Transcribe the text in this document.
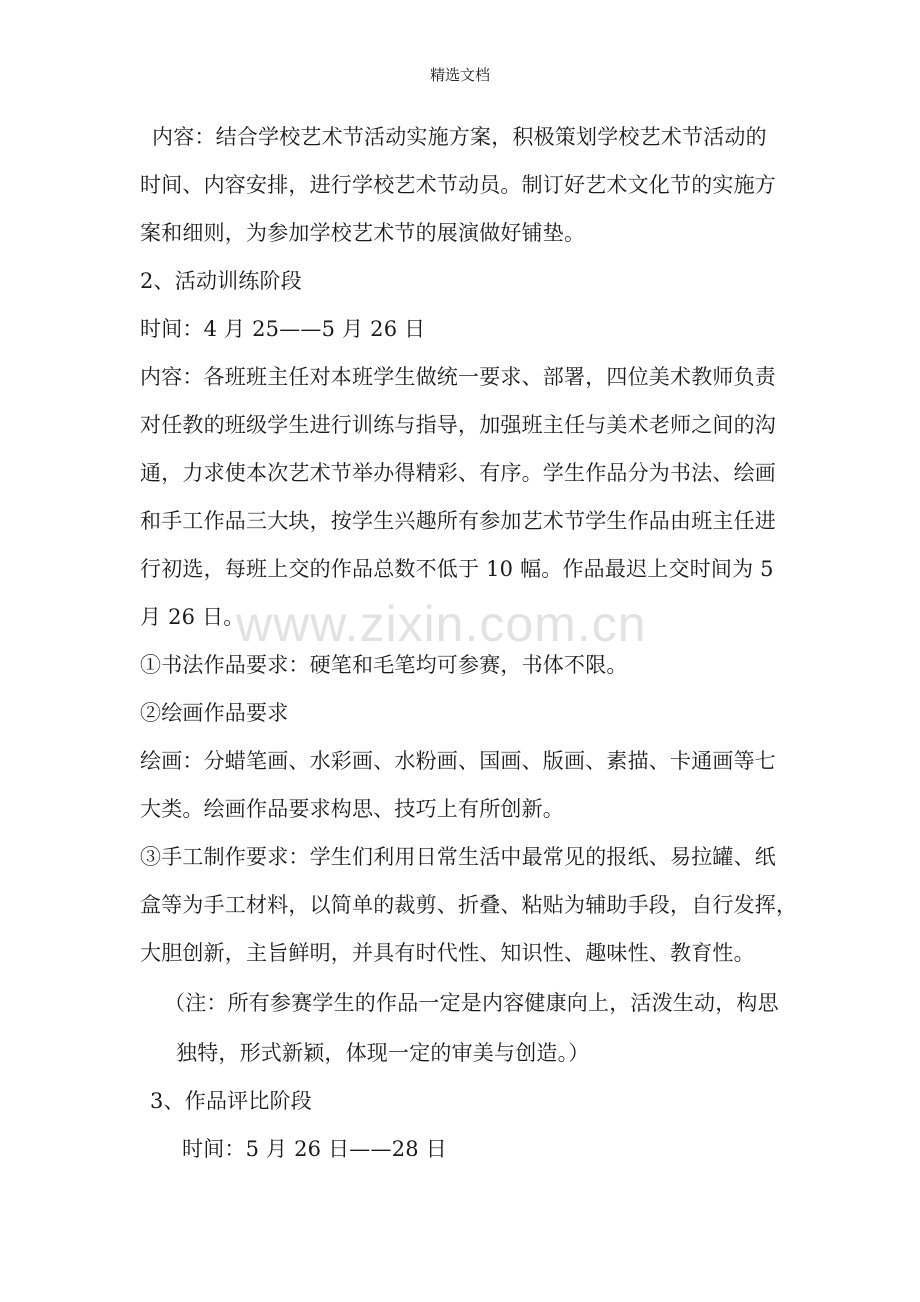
精选文档
内容：结合学校艺术节活动实施方案，积极策划学校艺术节活动的
时间、内容安排，进行学校艺术节动员。制订好艺术文化节的实施方
案和细则，为参加学校艺术节的展演做好铺垫。
2、活动训练阶段
时间：4 月 25——5 月 26 日
内容：各班班主任对本班学生做统一要求、部署，四位美术教师负责
对任教的班级学生进行训练与指导，加强班主任与美术老师之间的沟
通，力求使本次艺术节举办得精彩、有序。学生作品分为书法、绘画
和手工作品三大块，按学生兴趣所有参加艺术节学生作品由班主任进
行初选，每班上交的作品总数不低于 10 幅。作品最迟上交时间为 5
月 26 日。
①书法作品要求：硬笔和毛笔均可参赛，书体不限。
②绘画作品要求
绘画：分蜡笔画、水彩画、水粉画、国画、版画、素描、卡通画等七
大类。绘画作品要求构思、技巧上有所创新。
③手工制作要求：学生们利用日常生活中最常见的报纸、易拉罐、纸
盒等为手工材料，以简单的裁剪、折叠、粘贴为辅助手段，自行发挥，
大胆创新，主旨鲜明，并具有时代性、知识性、趣味性、教育性。
（注：所有参赛学生的作品一定是内容健康向上，活泼生动，构思
独特，形式新颖，体现一定的审美与创造。）
3、作品评比阶段
时间：5 月 26 日——28 日
www.zixin.com.cn
